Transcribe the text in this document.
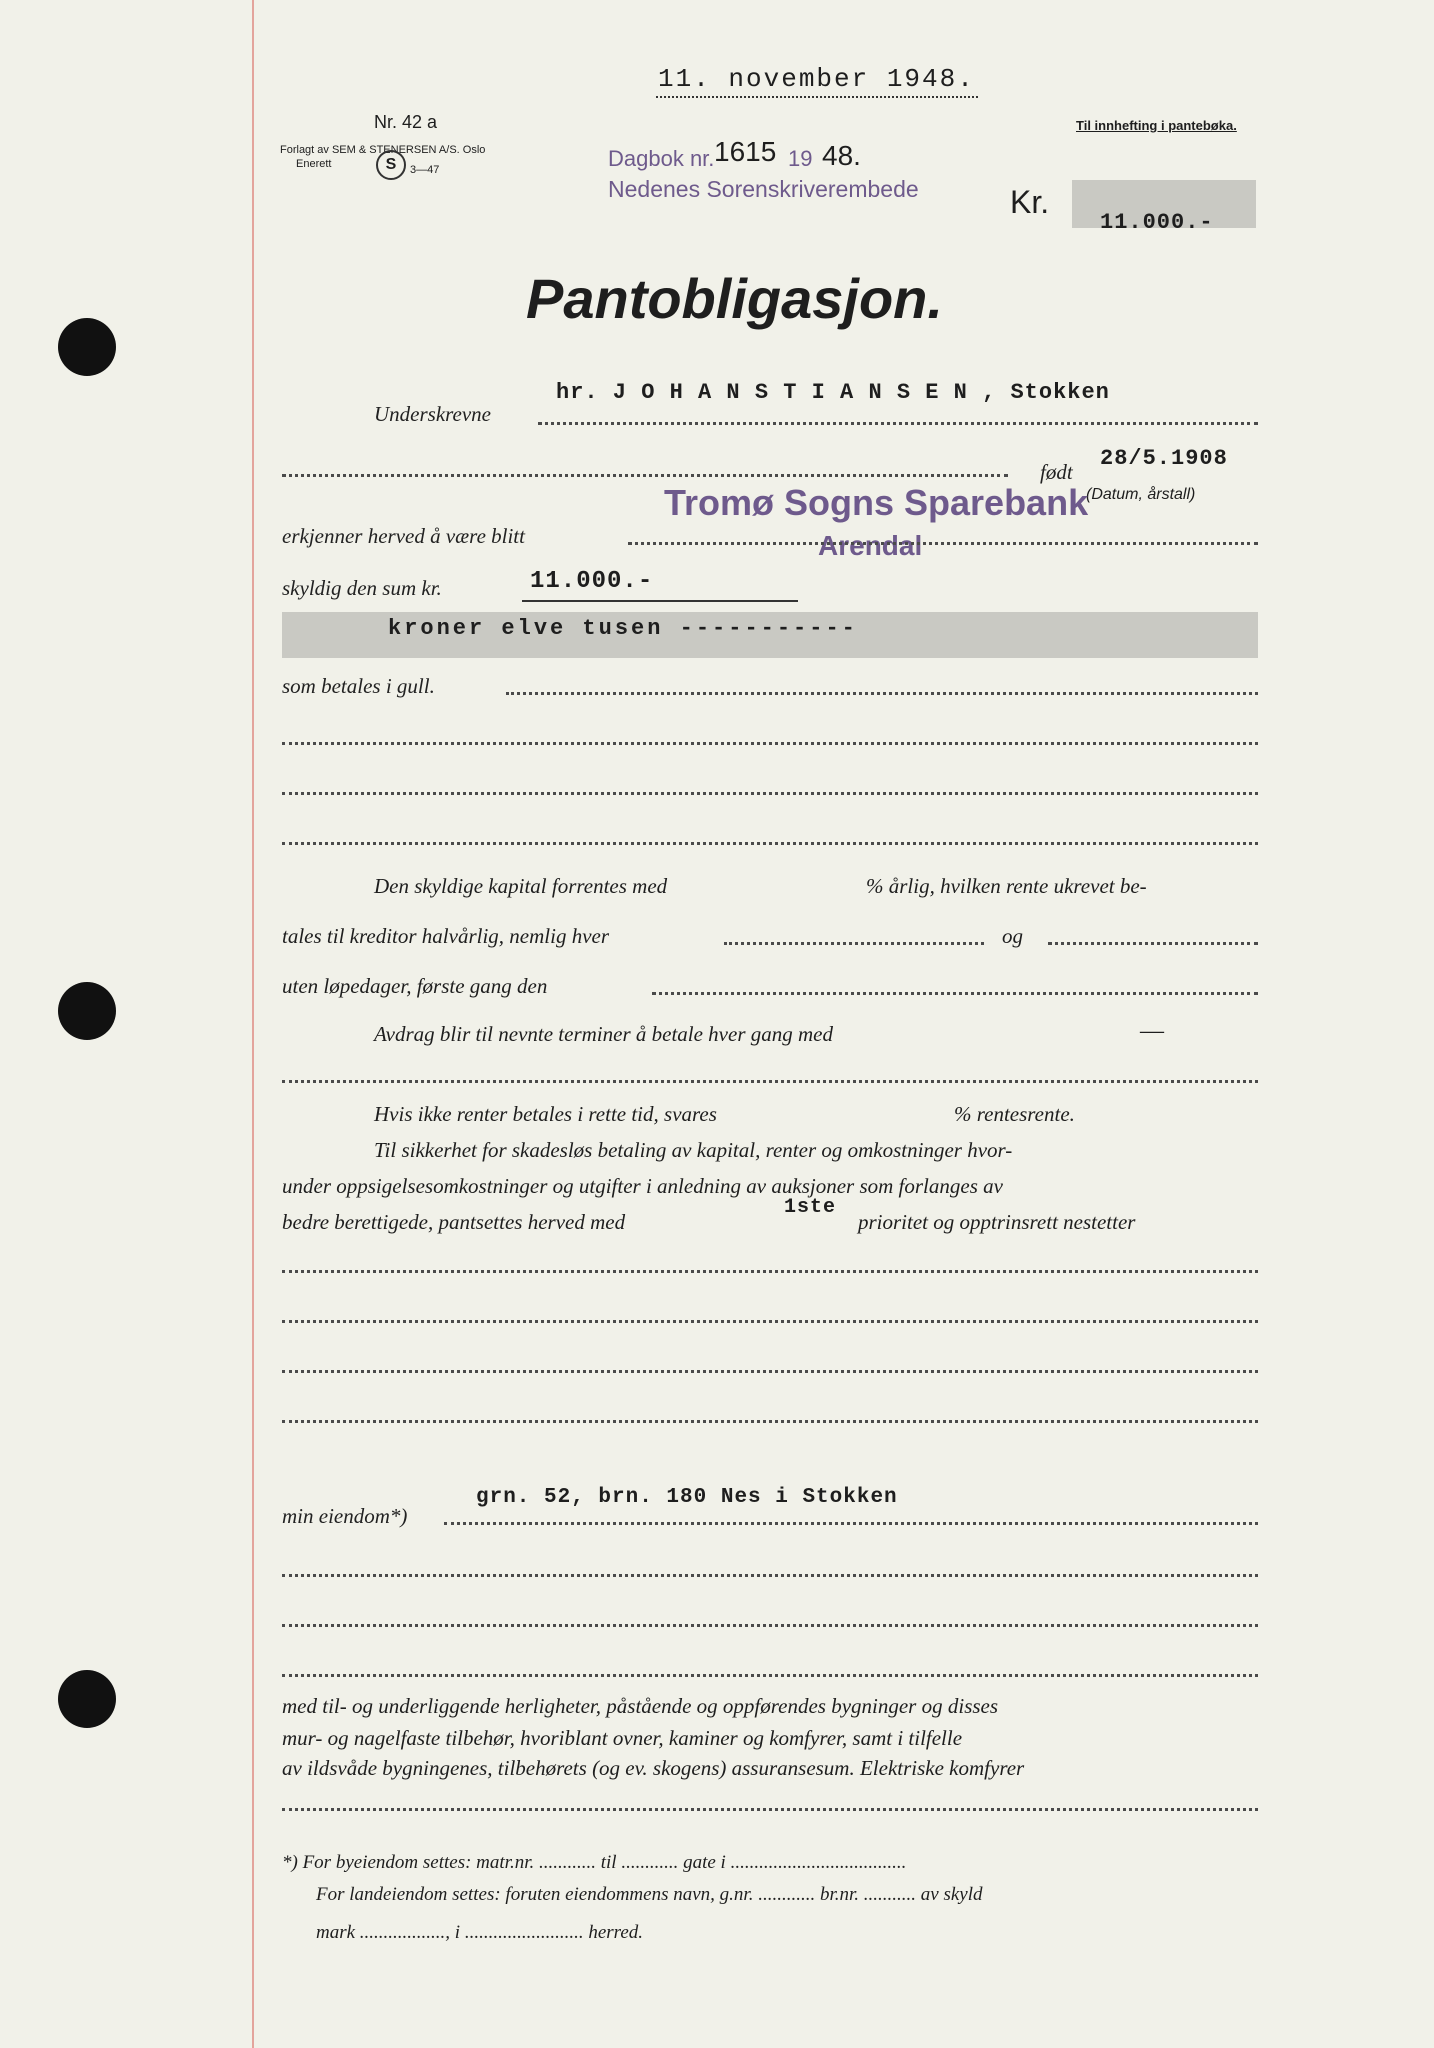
11. november 1948.
Nr. 42 a
Forlagt av SEM & STENERSEN A/S. Oslo
Enerett	S	3—47
Til innhefting i pantebøka.
Dagbok nr. 1615 19 48.
Nedenes Sorenskriverembede	Kr.
11.000.-
Pantobligasjon.
Underskrevne
hr. J O H A N S T I A N S E N , Stokken
født
28/5.1908
(Datum, årstall)
Tromø Sogns Sparebank
Arendal
erkjenner herved å være blitt
skyldig den sum kr.	11.000.-
kroner elve tusen -----------
som betales i gull.
Den skyldige kapital forrentes med	% årlig, hvilken rente ukrevet be-
tales til kreditor halvårlig, nemlig hver	og
uten løpedager, første gang den
Avdrag blir til nevnte terminer å betale hver gang med	—
Hvis ikke renter betales i rette tid, svares	% rentesrente.
Til sikkerhet for skadesløs betaling av kapital, renter og omkostninger hvor-
under oppsigelsesomkostninger og utgifter i anledning av auksjoner som forlanges av
bedre berettigede, pantsettes herved med
1ste
prioritet og opptrinsrett nestetter
grn. 52, brn. 180 Nes i Stokken
min eiendom*)
med til- og underliggende herligheter, påstående og oppførendes bygninger og disses
mur- og nagelfaste tilbehør, hvoriblant ovner, kaminer og komfyrer, samt i tilfelle
av ildsvåde bygningenes, tilbehørets (og ev. skogens) assuransesum. Elektriske komfyrer
*) For byeiendom settes: matr.nr. ............ til ............ gate i .....................................
For landeiendom settes: foruten eiendommens navn, g.nr. ............ br.nr. ........... av skyld
mark .................., i ......................... herred.
